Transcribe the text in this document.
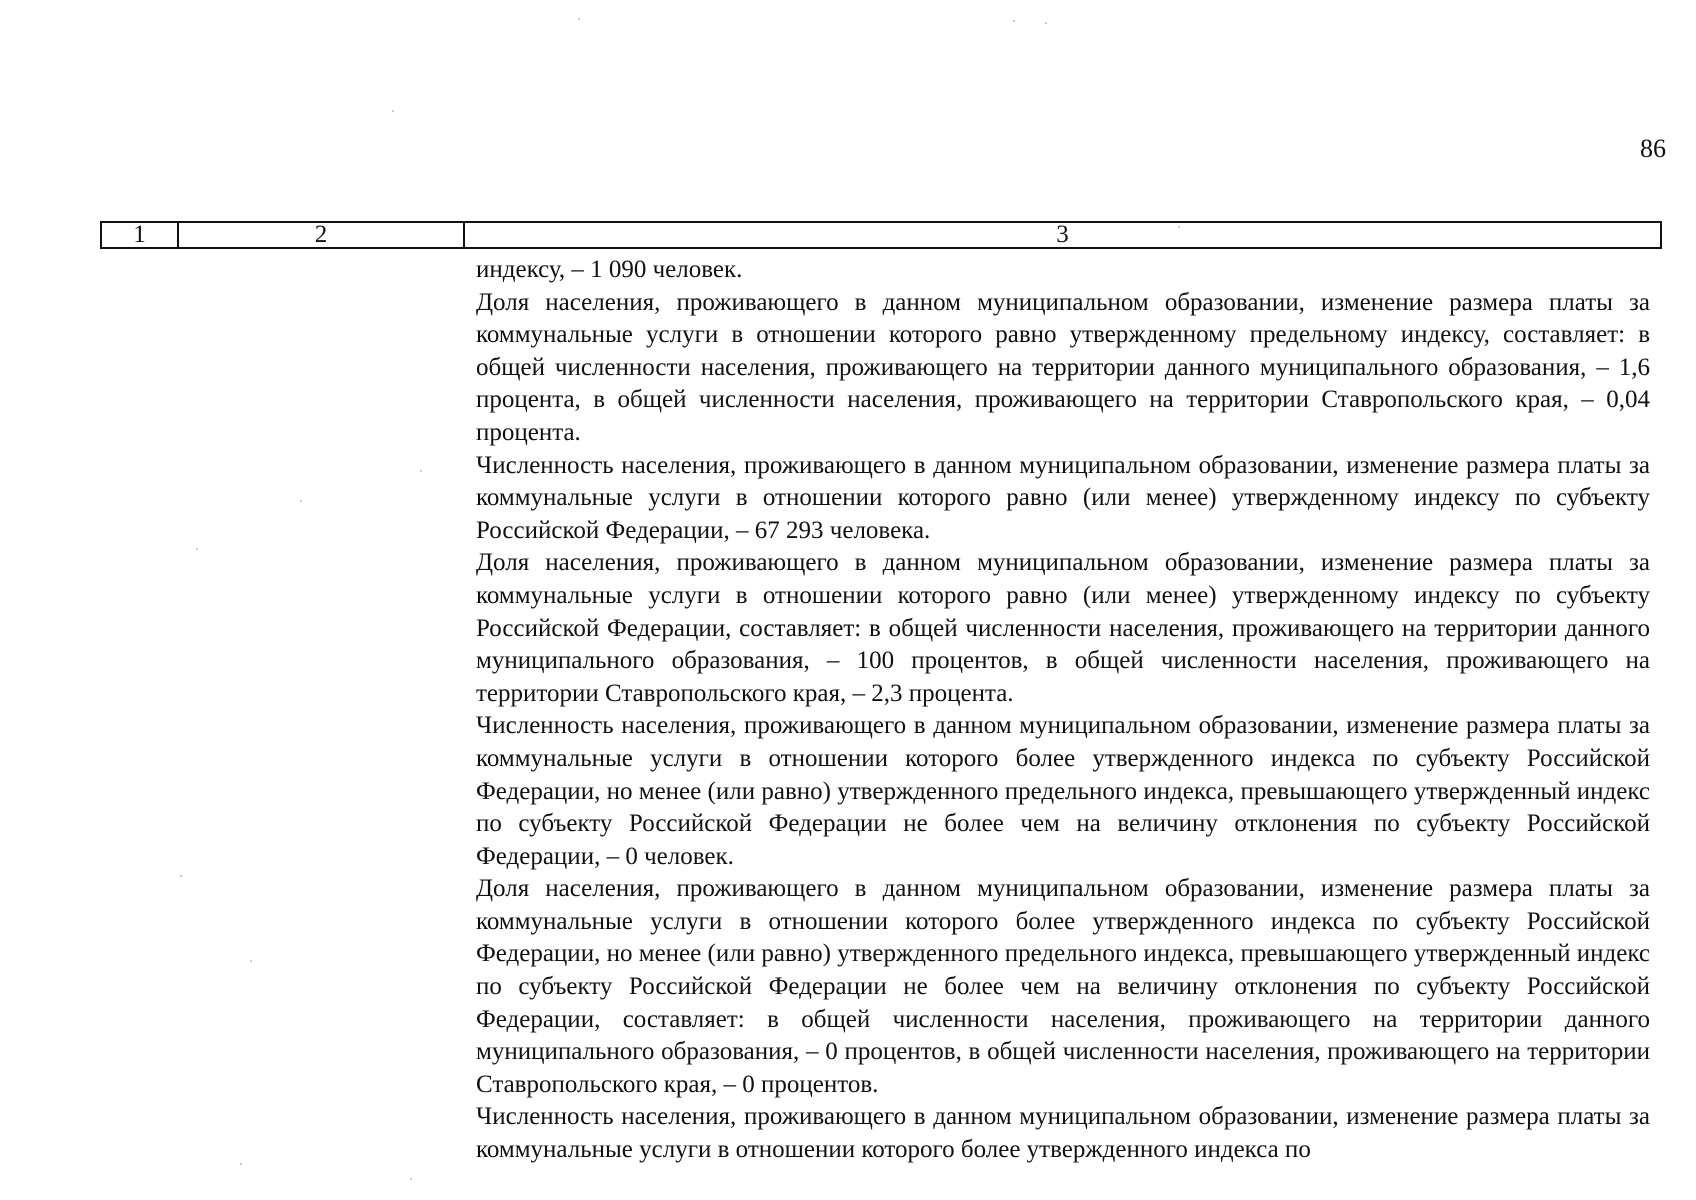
86
1	2	3

индексу, – 1 090 человек.

Доля населения, проживающего в данном муниципальном образовании, изменение размера платы за коммунальные услуги в отношении которого равно утвержденному предельному индексу, составляет: в общей численности населения, проживающего на территории данного муниципального образования, – 1,6 процента, в общей численности населения, проживающего на территории Ставропольского края, – 0,04 процента.

Численность населения, проживающего в данном муниципальном образовании, изменение размера платы за коммунальные услуги в отношении которого равно (или менее) утвержденному индексу по субъекту Российской Федерации, – 67 293 человека.

Доля населения, проживающего в данном муниципальном образовании, изменение размера платы за коммунальные услуги в отношении которого равно (или менее) утвержденному индексу по субъекту Российской Федерации, составляет: в общей численности населения, проживающего на территории данного муниципального образования, – 100 процентов, в общей численности населения, проживающего на территории Ставропольского края, – 2,3 процента.

Численность населения, проживающего в данном муниципальном образовании, изменение размера платы за коммунальные услуги в отношении которого более утвержденного индекса по субъекту Российской Федерации, но менее (или равно) утвержденного предельного индекса, превышающего утвержденный индекс по субъекту Российской Федерации не более чем на величину отклонения по субъекту Российской Федерации, – 0 человек.

Доля населения, проживающего в данном муниципальном образовании, изменение размера платы за коммунальные услуги в отношении которого более утвержденного индекса по субъекту Российской Федерации, но менее (или равно) утвержденного предельного индекса, превышающего утвержденный индекс по субъекту Российской Федерации не более чем на величину отклонения по субъекту Российской Федерации, составляет: в общей численности населения, проживающего на территории данного муниципального образования, – 0 процентов, в общей численности населения, проживающего на территории Ставропольского края, – 0 процентов.

Численность населения, проживающего в данном муниципальном образовании, изменение размера платы за коммунальные услуги в отношении которого более утвержденного индекса по
